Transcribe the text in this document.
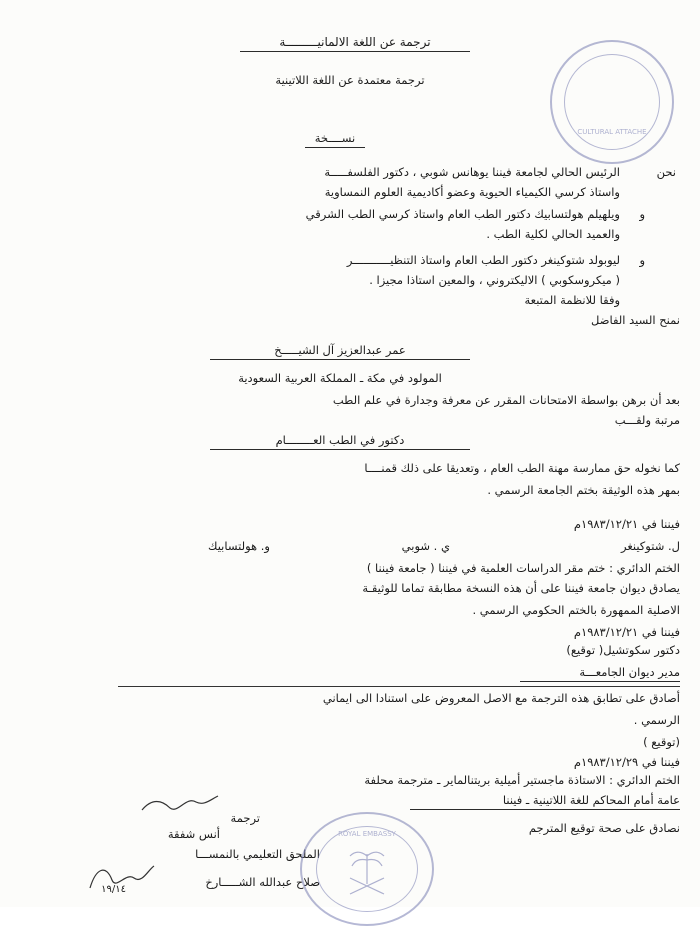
ترجمة عن اللغة الالمانيـــــــــة
ترجمة معتمدة عن اللغة اللاتينية
نســــخة
نحن
الرئيس الحالي لجامعة فيننا يوهانس شوبي ، دكتور الفلسفـــــة
واستاذ كرسي الكيمياء الحيوية وعضو أكاديمية العلوم النمساوية
و
ويلهيلم هولتسابيك دكتور الطب العام واستاذ كرسي الطب الشرقي
والعميد الحالي لكلية الطب .
و
ليوبولد شتوكينغر دكتور الطب العام واستاذ التنظيـــــــــــر
( ميكروسكوبي ) الاليكتروني ، والمعين استاذا مجيزا .
وفقا للانظمة المتبعة
نمنح السيد الفاضل
عمر عبدالعزيز آل الشيـــــخ
المولود في مكة ـ المملكة العربية السعودية
بعد أن برهن بواسطة الامتحانات المقرر عن معرفة وجدارة في علم الطب
مرتبة ولقـــب
دكتور في الطب العــــــــام
كما نخوله حق ممارسة مهنة الطب العام ، وتعديقا على ذلك قمنــــا
بمهر هذه الوثيقة بختم الجامعة الرسمي .
فيننا في ١٩٨٣/١٢/٢١م
ل. شتوكينغر
ي . شوبي
و. هولتسابيك
الختم الدائري : ختم مقر الدراسات العلمية في فيننا ( جامعة فيننا )
يصادق ديوان جامعة فيننا على أن هذه النسخة مطابقة تماما للوثيقـة
الاصلية الممهورة بالختم الحكومي الرسمي .
فيننا في ١٩٨٣/١٢/٢١م
دكتور سكوتشيل( توقيع)
مدير ديوان الجامعـــة
أصادق على تطابق هذه الترجمة مع الاصل المعروض على استنادا الى ايماني
الرسمي .
(توقيع )
فيننا في ١٩٨٣/١٢/٢٩م
الختم الدائري : الاستاذة ماجستير أميلية بريتنالماير ـ مترجمة محلفة
عامة أمام المحاكم للغة اللاتينية ـ فيننا
نصادق على صحة توقيع المترجم
ترجمة
أنس شفقة
الملحق التعليمي بالنمســـا
صلاح عبدالله الشـــــارخ
١٩/١٤
CULTURAL ATTACHE
ROYAL EMBASSY
